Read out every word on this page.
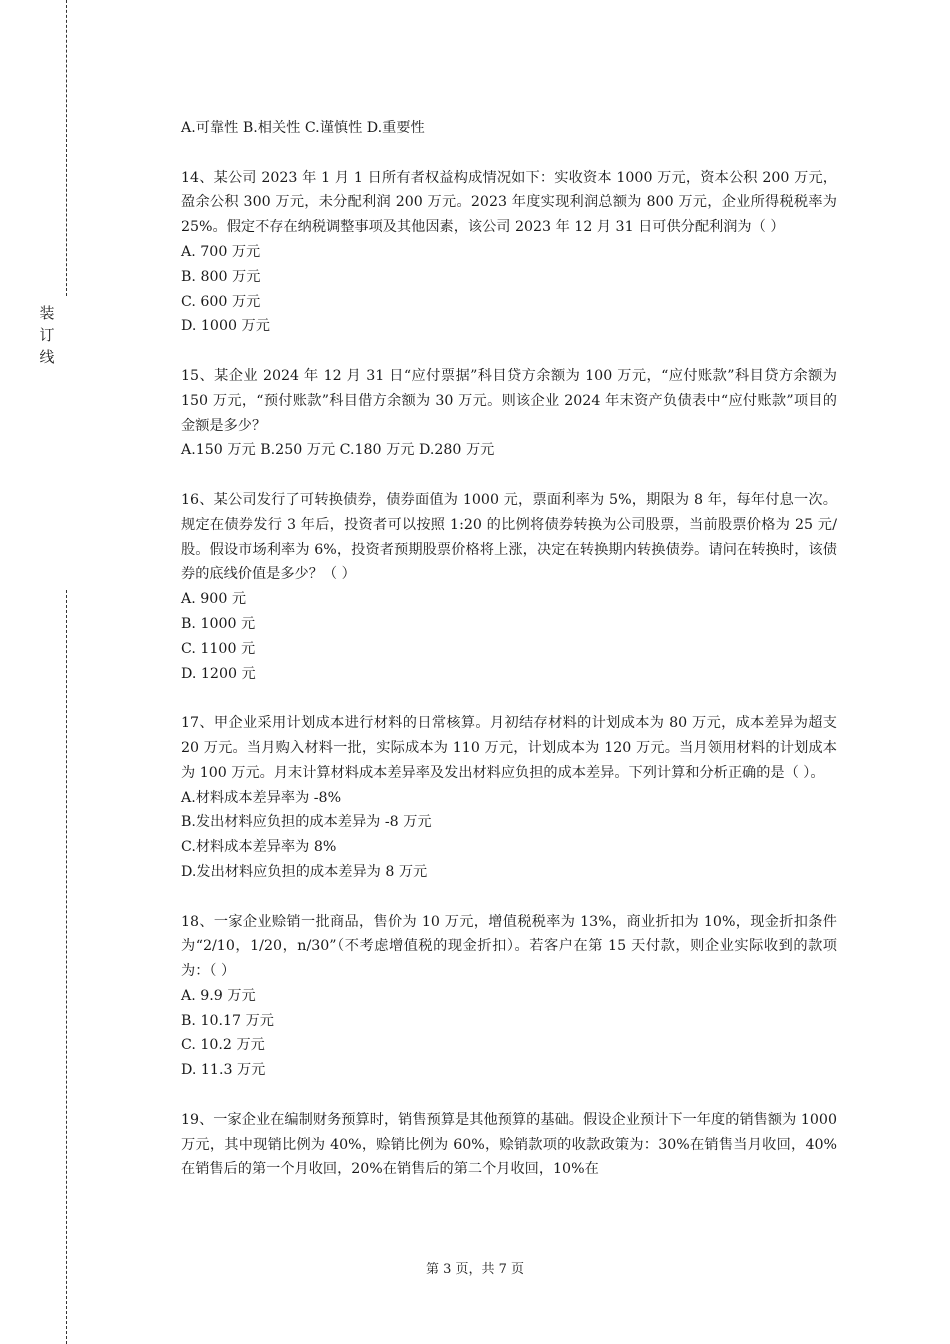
装
订
线
A.可靠性 B.相关性 C.谨慎性 D.重要性
14、某公司 2023 年 1 月 1 日所有者权益构成情况如下：实收资本 1000 万元，资本公积 200 万元，盈余公积 300 万元，未分配利润 200 万元。2023 年度实现利润总额为 800 万元，企业所得税税率为 25%。假定不存在纳税调整事项及其他因素，该公司 2023 年 12 月 31 日可供分配利润为（ ）
A. 700 万元
B. 800 万元
C. 600 万元
D. 1000 万元
15、某企业 2024 年 12 月 31 日“应付票据”科目贷方余额为 100 万元，“应付账款”科目贷方余额为 150 万元，“预付账款”科目借方余额为 30 万元。则该企业 2024 年末资产负债表中“应付账款”项目的金额是多少？
A.150 万元 B.250 万元 C.180 万元 D.280 万元
16、某公司发行了可转换债券，债券面值为 1000 元，票面利率为 5%，期限为 8 年，每年付息一次。规定在债券发行 3 年后，投资者可以按照 1:20 的比例将债券转换为公司股票，当前股票价格为 25 元/股。假设市场利率为 6%，投资者预期股票价格将上涨，决定在转换期内转换债券。请问在转换时，该债券的底线价值是多少？（ ）
A. 900 元
B. 1000 元
C. 1100 元
D. 1200 元
17、甲企业采用计划成本进行材料的日常核算。月初结存材料的计划成本为 80 万元，成本差异为超支 20 万元。当月购入材料一批，实际成本为 110 万元，计划成本为 120 万元。当月领用材料的计划成本为 100 万元。月末计算材料成本差异率及发出材料应负担的成本差异。下列计算和分析正确的是（ ）。
A.材料成本差异率为 -8%
B.发出材料应负担的成本差异为 -8 万元
C.材料成本差异率为 8%
D.发出材料应负担的成本差异为 8 万元
18、一家企业赊销一批商品，售价为 10 万元，增值税税率为 13%，商业折扣为 10%，现金折扣条件为“2/10，1/20，n/30”（不考虑增值税的现金折扣）。若客户在第 15 天付款，则企业实际收到的款项为：（ ）
A. 9.9 万元
B. 10.17 万元
C. 10.2 万元
D. 11.3 万元
19、一家企业在编制财务预算时，销售预算是其他预算的基础。假设企业预计下一年度的销售额为 1000 万元，其中现销比例为 40%，赊销比例为 60%，赊销款项的收款政策为：30%在销售当月收回，40%在销售后的第一个月收回，20%在销售后的第二个月收回，10%在
第 3 页，共 7 页
